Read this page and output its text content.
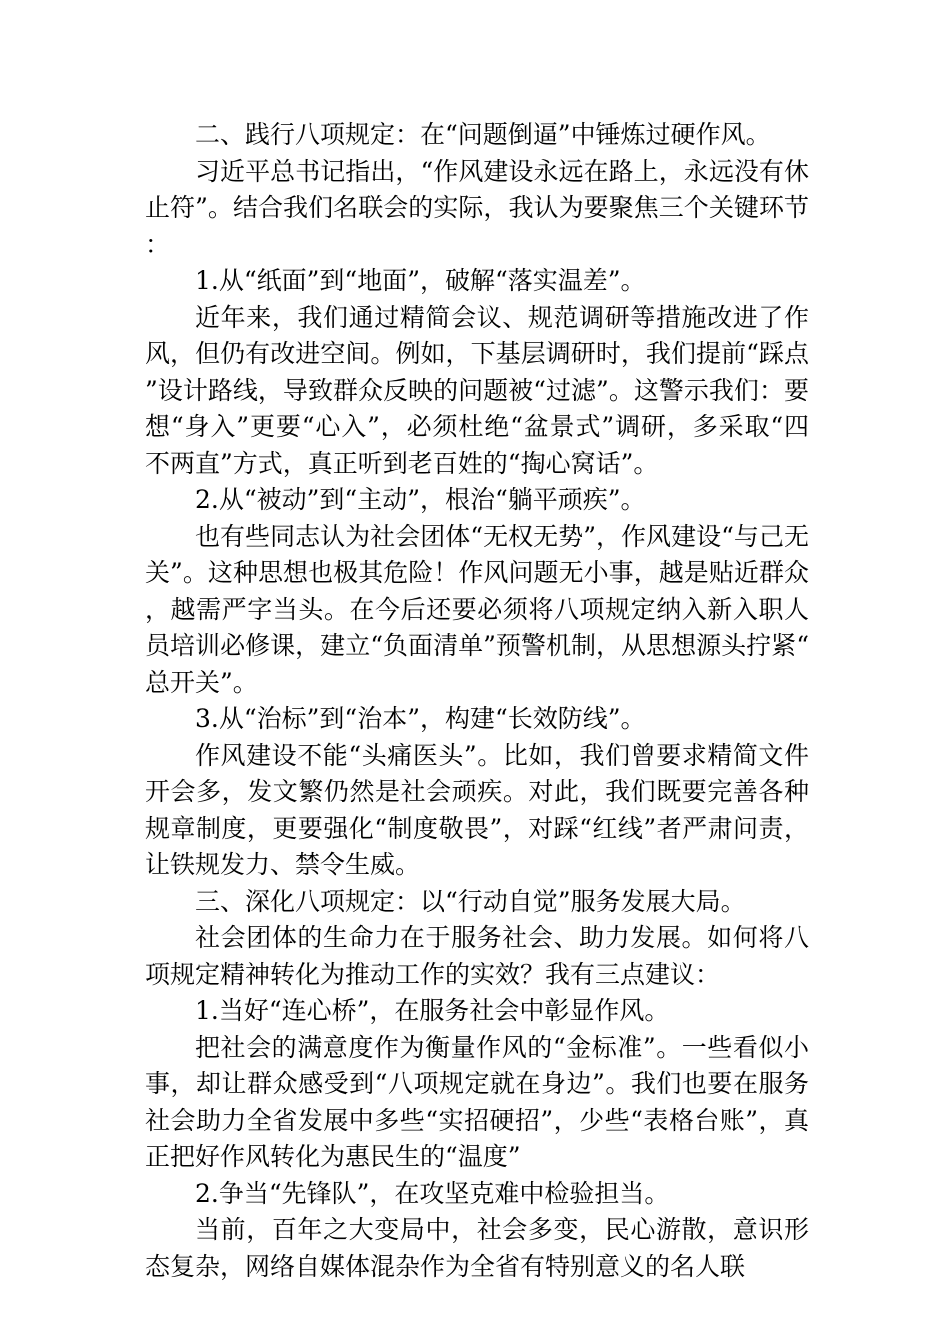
二、践行八项规定：在“问题倒逼”中锤炼过硬作风。

习近平总书记指出，“作风建设永远在路上，永远没有休止符”。结合我们名联会的实际，我认为要聚焦三个关键环节：

1.从“纸面”到“地面”，破解“落实温差”。

近年来，我们通过精简会议、规范调研等措施改进了作风，但仍有改进空间。例如，下基层调研时，我们提前“踩点”设计路线，导致群众反映的问题被“过滤”。这警示我们：要想“身入”更要“心入”，必须杜绝“盆景式”调研，多采取“四不两直”方式，真正听到老百姓的“掏心窝话”。

2.从“被动”到“主动”，根治“躺平顽疾”。

也有些同志认为社会团体“无权无势”，作风建设“与己无关”。这种思想也极其危险！作风问题无小事，越是贴近群众，越需严字当头。在今后还要必须将八项规定纳入新入职人员培训必修课，建立“负面清单”预警机制，从思想源头拧紧“总开关”。

3.从“治标”到“治本”，构建“长效防线”。

作风建设不能“头痛医头”。比如，我们曾要求精简文件开会多，发文繁仍然是社会顽疾。对此，我们既要完善各种规章制度，更要强化“制度敬畏”，对踩“红线”者严肃问责，让铁规发力、禁令生威。

三、深化八项规定：以“行动自觉”服务发展大局。

社会团体的生命力在于服务社会、助力发展。如何将八项规定精神转化为推动工作的实效？我有三点建议：

1.当好“连心桥”，在服务社会中彰显作风。

把社会的满意度作为衡量作风的“金标准”。一些看似小事，却让群众感受到“八项规定就在身边”。我们也要在服务社会助力全省发展中多些“实招硬招”，少些“表格台账”，真正把好作风转化为惠民生的“温度”

2.争当“先锋队”，在攻坚克难中检验担当。

当前，百年之大变局中，社会多变，民心游散，意识形态复杂，网络自媒体混杂作为全省有特别意义的名人联
